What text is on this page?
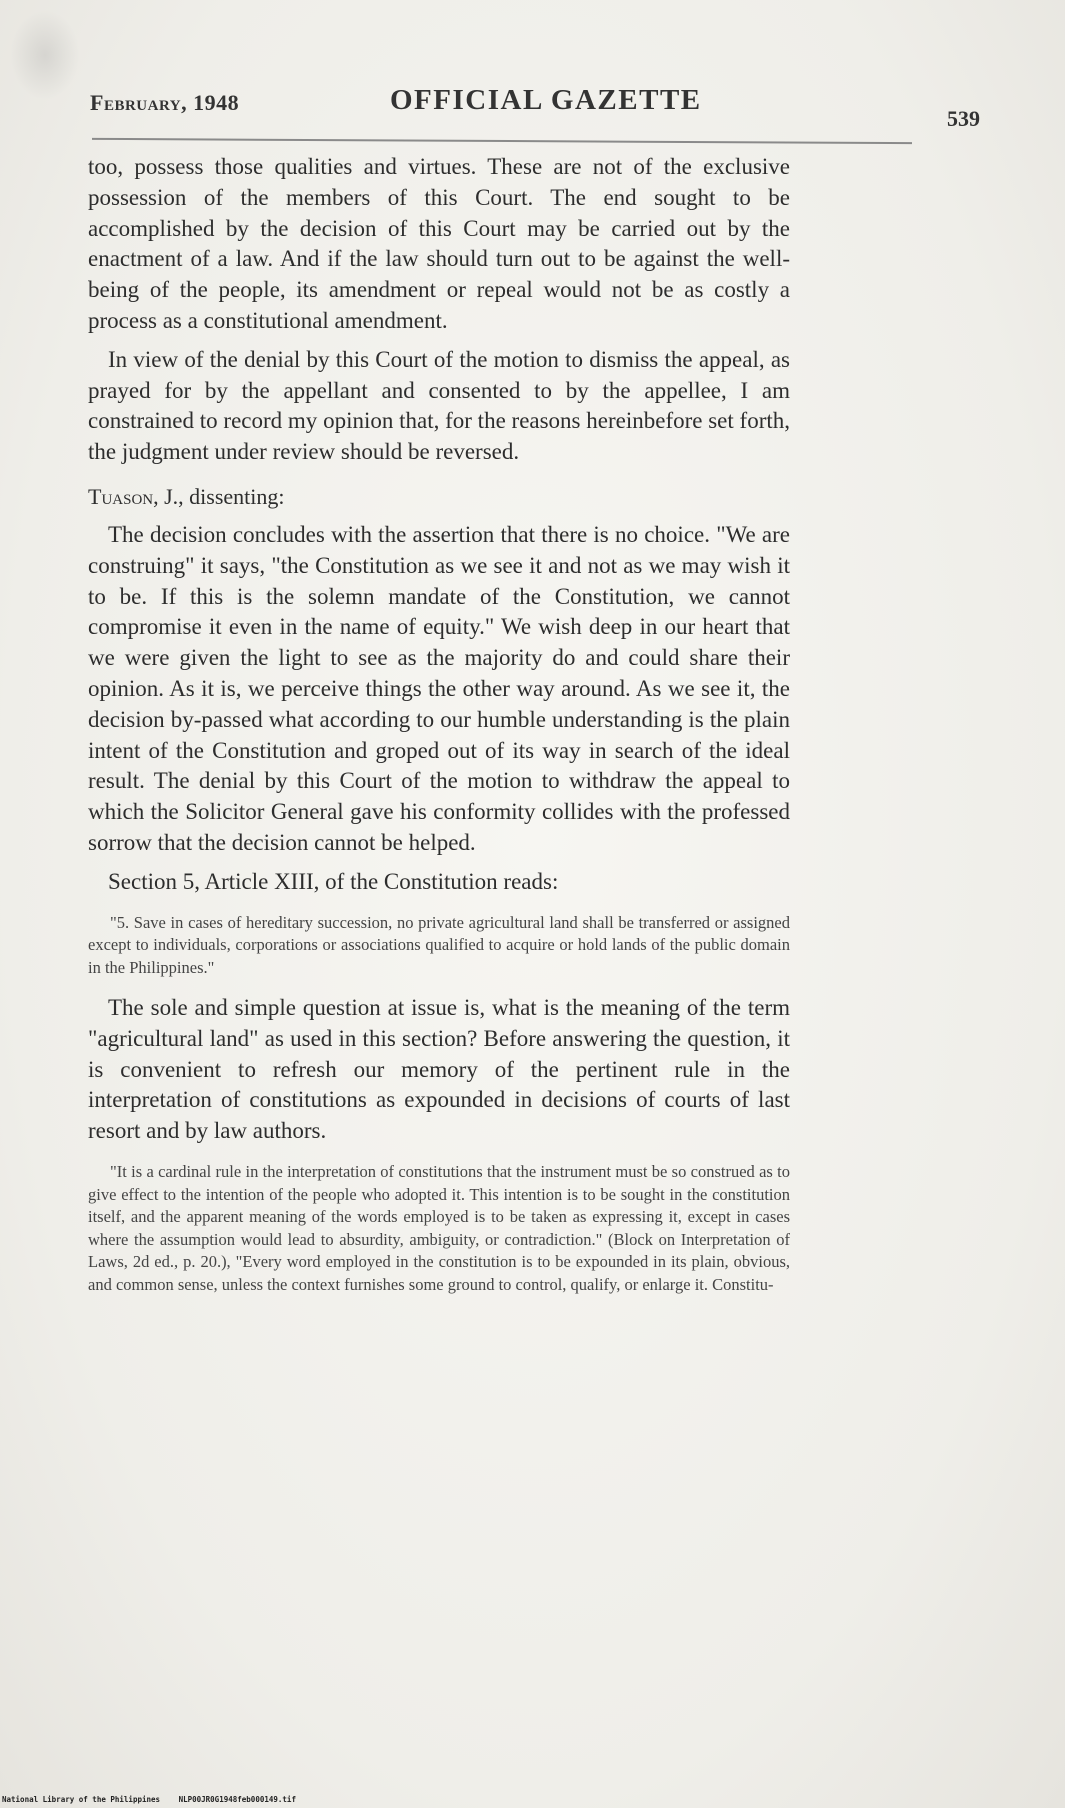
February, 1948	OFFICIAL GAZETTE
539

too, possess those qualities and virtues. These are not of the exclusive possession of the members of this Court. The end sought to be accomplished by the decision of this Court may be carried out by the enactment of a law. And if the law should turn out to be against the well-being of the people, its amendment or repeal would not be as costly a process as a constitutional amendment.

In view of the denial by this Court of the motion to dismiss the appeal, as prayed for by the appellant and consented to by the appellee, I am constrained to record my opinion that, for the reasons hereinbefore set forth, the judgment under review should be reversed.

Tuason, J., dissenting:

The decision concludes with the assertion that there is no choice. "We are construing" it says, "the Constitution as we see it and not as we may wish it to be. If this is the solemn mandate of the Constitution, we cannot compromise it even in the name of equity." We wish deep in our heart that we were given the light to see as the majority do and could share their opinion. As it is, we perceive things the other way around. As we see it, the decision by-passed what according to our humble understanding is the plain intent of the Constitution and groped out of its way in search of the ideal result. The denial by this Court of the motion to withdraw the appeal to which the Solicitor General gave his conformity collides with the professed sorrow that the decision cannot be helped.

Section 5, Article XIII, of the Constitution reads:

"5. Save in cases of hereditary succession, no private agricultural land shall be transferred or assigned except to individuals, corporations or associations qualified to acquire or hold lands of the public domain in the Philippines."

The sole and simple question at issue is, what is the meaning of the term "agricultural land" as used in this section? Before answering the question, it is convenient to refresh our memory of the pertinent rule in the interpretation of constitutions as expounded in decisions of courts of last resort and by law authors.

"It is a cardinal rule in the interpretation of constitutions that the instrument must be so construed as to give effect to the intention of the people who adopted it. This intention is to be sought in the constitution itself, and the apparent meaning of the words employed is to be taken as expressing it, except in cases where the assumption would lead to absurdity, ambiguity, or contradiction." (Block on Interpretation of Laws, 2d ed., p. 20.), "Every word employed in the constitution is to be expounded in its plain, obvious, and common sense, unless the context furnishes some ground to control, qualify, or enlarge it. Constitu-

National Library of the Philippines NLP00JR0G1948feb000149.tif
